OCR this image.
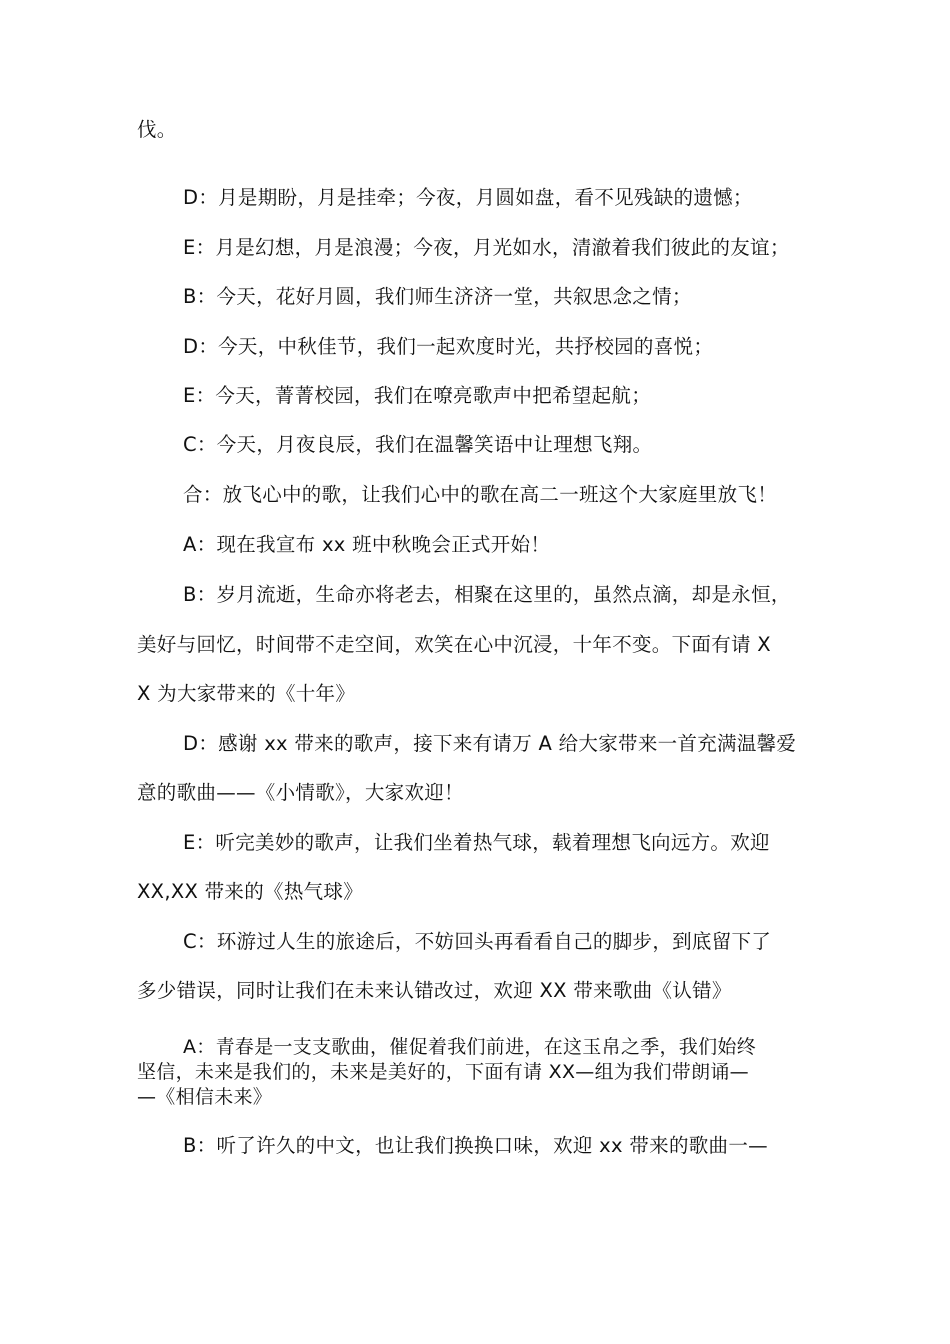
伐。
D：月是期盼，月是挂牵；今夜，月圆如盘，看不见残缺的遗憾；
E：月是幻想，月是浪漫；今夜，月光如水，清澈着我们彼此的友谊；
B：今天，花好月圆，我们师生济济一堂，共叙思念之情；
D：今天，中秋佳节，我们一起欢度时光，共抒校园的喜悦；
E：今天，菁菁校园，我们在嘹亮歌声中把希望起航；
C：今天，月夜良辰，我们在温馨笑语中让理想飞翔。
合：放飞心中的歌，让我们心中的歌在高二一班这个大家庭里放飞！
A：现在我宣布 xx 班中秋晚会正式开始！
B：岁月流逝，生命亦将老去，相聚在这里的，虽然点滴，却是永恒，
美好与回忆，时间带不走空间，欢笑在心中沉浸，十年不变。下面有请 X
X 为大家带来的《十年》
D：感谢 xx 带来的歌声，接下来有请万 A 给大家带来一首充满温馨爱
意的歌曲——《小情歌》，大家欢迎！
E：听完美妙的歌声，让我们坐着热气球，载着理想飞向远方。欢迎
XX,XX 带来的《热气球》
C：环游过人生的旅途后，不妨回头再看看自己的脚步，到底留下了
多少错误，同时让我们在未来认错改过，欢迎 XX 带来歌曲《认错》
A：青春是一支支歌曲，催促着我们前进，在这玉帛之季，我们始终
坚信，未来是我们的，未来是美好的，下面有请 XX—组为我们带朗诵—
—《相信未来》
B：听了许久的中文，也让我们换换口味，欢迎 xx 带来的歌曲一—
